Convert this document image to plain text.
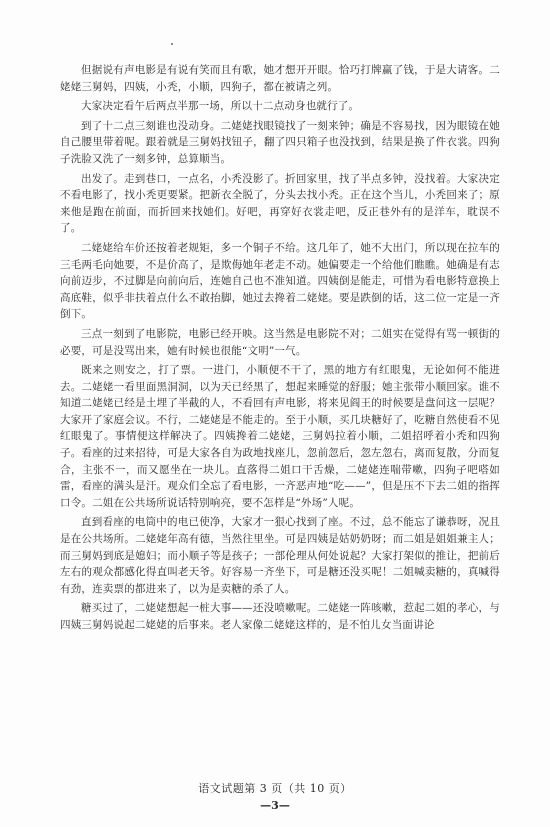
但据说有声电影是有说有笑而且有歌，她才想开开眼。恰巧打牌赢了钱，于是大请客。二姥姥三舅妈，四姨，小秃，小顺，四狗子，都在被请之列。

大家决定看午后两点半那一场，所以十二点动身也就行了。

到了十二点三刻谁也没动身。二姥姥找眼镜找了一刻来钟；确是不容易找，因为眼镜在她自己腰里带着呢。跟着就是三舅妈找钮子，翻了四只箱子也没找到，结果是换了件衣裳。四狗子洗脸又洗了一刻多钟，总算顺当。

出发了。走到巷口，一点名，小秃没影了。折回家里，找了半点多钟，没找着。大家决定不看电影了，找小秃更要紧。把新衣全脱了，分头去找小秃。正在这个当儿，小秃回来了；原来他是跑在前面，而折回来找她们。好吧，再穿好衣裳走吧，反正巷外有的是洋车，耽误不了。

二姥姥给车价还按着老规矩，多一个铜子不给。这几年了，她不大出门，所以现在拉车的三毛两毛向她要，不是价高了，是欺侮她年老走不动。她偏要走一个给他们瞧瞧。她确是有志向前迈步，不过脚是向前向后，连她自己也不准知道。四姨倒是能走，可惜为看电影特意换上高底鞋，似乎非扶着点什么不敢抬脚，她过去搀着二姥姥。要是跌倒的话，这二位一定是一齐倒下。

三点一刻到了电影院，电影已经开映。这当然是电影院不对；二姐实在觉得有骂一顿街的必要，可是没骂出来，她有时候也很能“文明”一气。

既来之则安之，打了票。一进门，小顺便不干了，黑的地方有红眼鬼，无论如何不能进去。二姥姥一看里面黑洞洞，以为天已经黑了，想起来睡觉的舒服；她主张带小顺回家。谁不知道二姥姥已经是土埋了半截的人，不看回有声电影，将来见阎王的时候要是盘问这一层呢？大家开了家庭会议。不行，二姥姥是不能走的。至于小顺，买几块糖好了，吃糖自然使看不见红眼鬼了。事情便这样解决了。四姨搀着二姥姥，三舅妈拉着小顺，二姐招呼着小秃和四狗子。看座的过来招待，可是大家各自为政地找座儿，忽前忽后，忽左忽右，离而复散，分而复合，主张不一，而又愿坐在一块儿。直落得二姐口干舌燥，二姥姥连喘带嗽，四狗子吧嗒如雷，看座的满头是汗。观众们全忘了看电影，一齐恶声地“吃——”，但是压不下去二姐的指挥口令。二姐在公共场所说话特别响亮，要不怎样是“外场”人呢。

直到看座的电筒中的电已使净，大家才一狠心找到了座。不过，总不能忘了谦恭呀，况且是在公共场所。二姥姥年高有德，当然往里坐。可是四姨是姑奶奶呀；而二姐是姐姐兼主人；而三舅妈到底是媳妇；而小顺子等是孩子；一部伦理从何处说起？大家打架似的推让，把前后左右的观众都感化得直叫老天爷。好容易一齐坐下，可是糖还没买呢！二姐喊卖糖的，真喊得有劲，连卖票的都进来了，以为是卖糖的杀了人。

糖买过了，二姥姥想起一桩大事——还没喷嗽呢。二姥姥一阵咳嗽，惹起二姐的孝心，与四姨三舅妈说起二姥姥的后事来。老人家像二姥姥这样的，是不怕儿女当面讲论

语文试题第 3 页（共 10 页）
—3—
